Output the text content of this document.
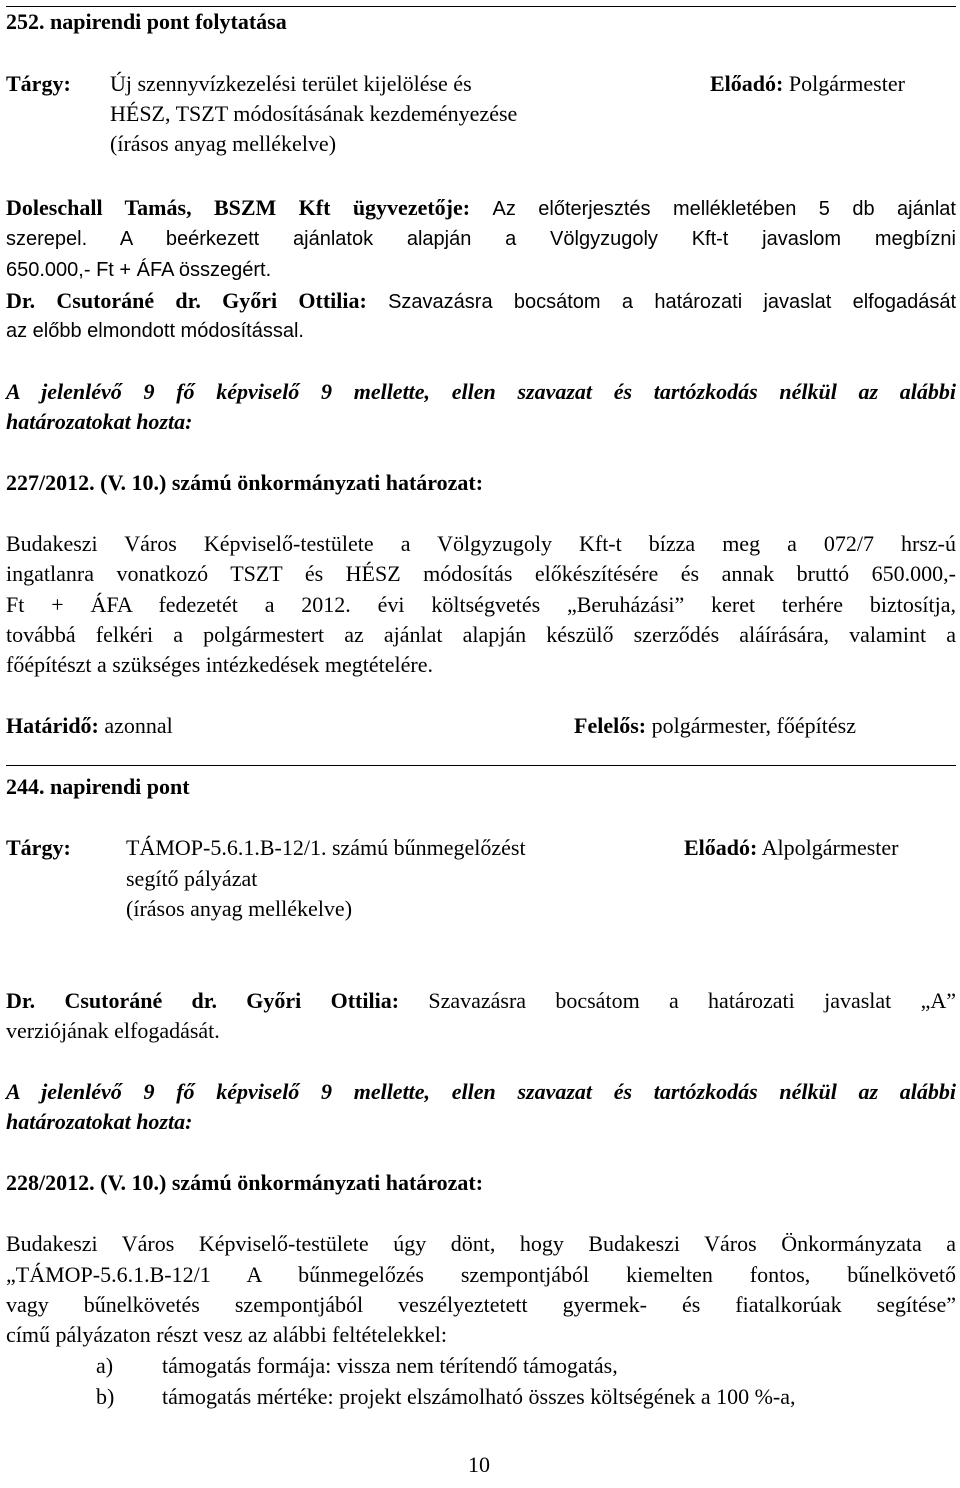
252. napirendi pont folytatása
Tárgy: Új szennyvízkezelési terület kijelölése és
HÉSZ, TSZT módosításának kezdeményezése
(írásos anyag mellékelve)
Előadó: Polgármester
Doleschall Tamás, BSZM Kft ügyvezetője: Az előterjesztés mellékletében 5 db ajánlat
szerepel. A beérkezett ajánlatok alapján a Völgyzugoly Kft-t javaslom megbízni
650.000,- Ft + ÁFA összegért.
Dr. Csutoráné dr. Győri Ottilia: Szavazásra bocsátom a határozati javaslat elfogadását
az előbb elmondott módosítással.
A jelenlévő 9 fő képviselő 9 mellette, ellen szavazat és tartózkodás nélkül az alábbi
határozatokat hozta:
227/2012. (V. 10.) számú önkormányzati határozat:
Budakeszi Város Képviselő-testülete a Völgyzugoly Kft-t bízza meg a 072/7 hrsz-ú
ingatlanra vonatkozó TSZT és HÉSZ módosítás előkészítésére és annak bruttó 650.000,-
Ft + ÁFA fedezetét a 2012. évi költségvetés „Beruházási” keret terhére biztosítja,
továbbá felkéri a polgármestert az ajánlat alapján készülő szerződés aláírására, valamint a
főépítészt a szükséges intézkedések megtételére.
Határidő: azonnal	Felelős: polgármester, főépítész
244. napirendi pont
Tárgy:	TÁMOP-5.6.1.B-12/1. számú bűnmegelőzést
segítő pályázat
(írásos anyag mellékelve)
Előadó: Alpolgármester
Dr. Csutoráné dr. Győri Ottilia: Szavazásra bocsátom a határozati javaslat „A”
verziójának elfogadását.
A jelenlévő 9 fő képviselő 9 mellette, ellen szavazat és tartózkodás nélkül az alábbi
határozatokat hozta:
228/2012. (V. 10.) számú önkormányzati határozat:
Budakeszi Város Képviselő-testülete úgy dönt, hogy Budakeszi Város Önkormányzata a
„TÁMOP-5.6.1.B-12/1 A bűnmegelőzés szempontjából kiemelten fontos, bűnelkövető
vagy bűnelkövetés szempontjából veszélyeztetett gyermek- és fiatalkorúak segítése”
című pályázaton részt vesz az alábbi feltételekkel:
a) támogatás formája: vissza nem térítendő támogatás,
b) támogatás mértéke: projekt elszámolható összes költségének a 100 %-a,
10
